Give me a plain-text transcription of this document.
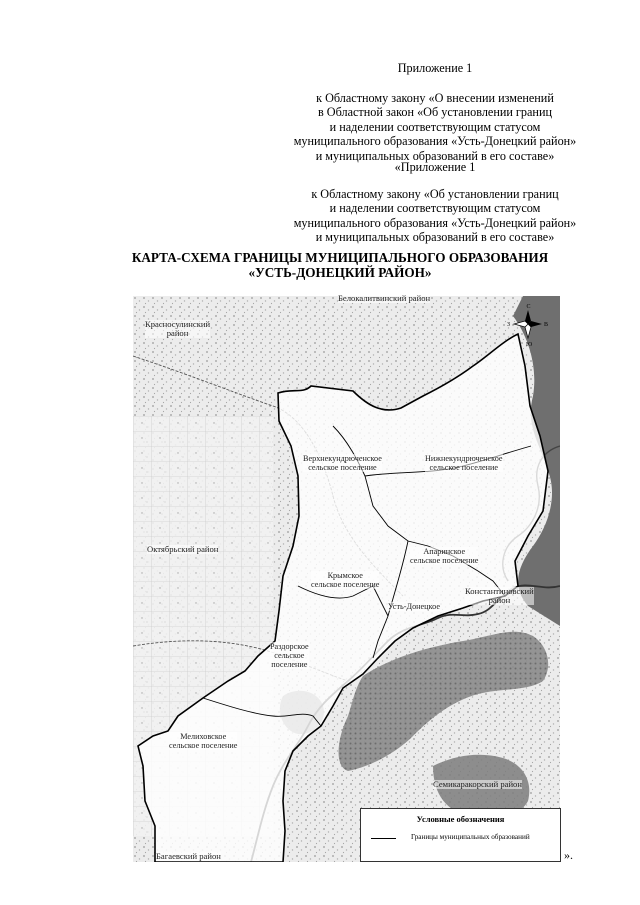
Приложение 1
к Областному закону «О внесении изменений
в Областной закон «Об установлении границ
и наделении соответствующим статусом
муниципального образования «Усть-Донецкий район»
и муниципальных образований в его составе»
«Приложение 1
к Областному закону «Об установлении границ
и наделении соответствующим статусом
муниципального образования «Усть-Донецкий район»
и муниципальных образований в его составе»
КАРТА-СХЕМА ГРАНИЦЫ МУНИЦИПАЛЬНОГО ОБРАЗОВАНИЯ
«УСТЬ-ДОНЕЦКИЙ РАЙОН»
С
В
Ю
З
Белокалитвинский район
Красносулинский
район
Верхнекундрюченское
сельское поселение
Нижнекундрюченское
сельское поселение
Октябрьский район	Апаринское
сельское поселение
Крымское
сельское поселение
Константиновский
район
Усть-Донецкое
Раздорское
сельское
поселение
Мелиховское
сельское поселение
Семикаракорский район
Багаевский район
Условные обозначения
Границы муниципальных образований
».
